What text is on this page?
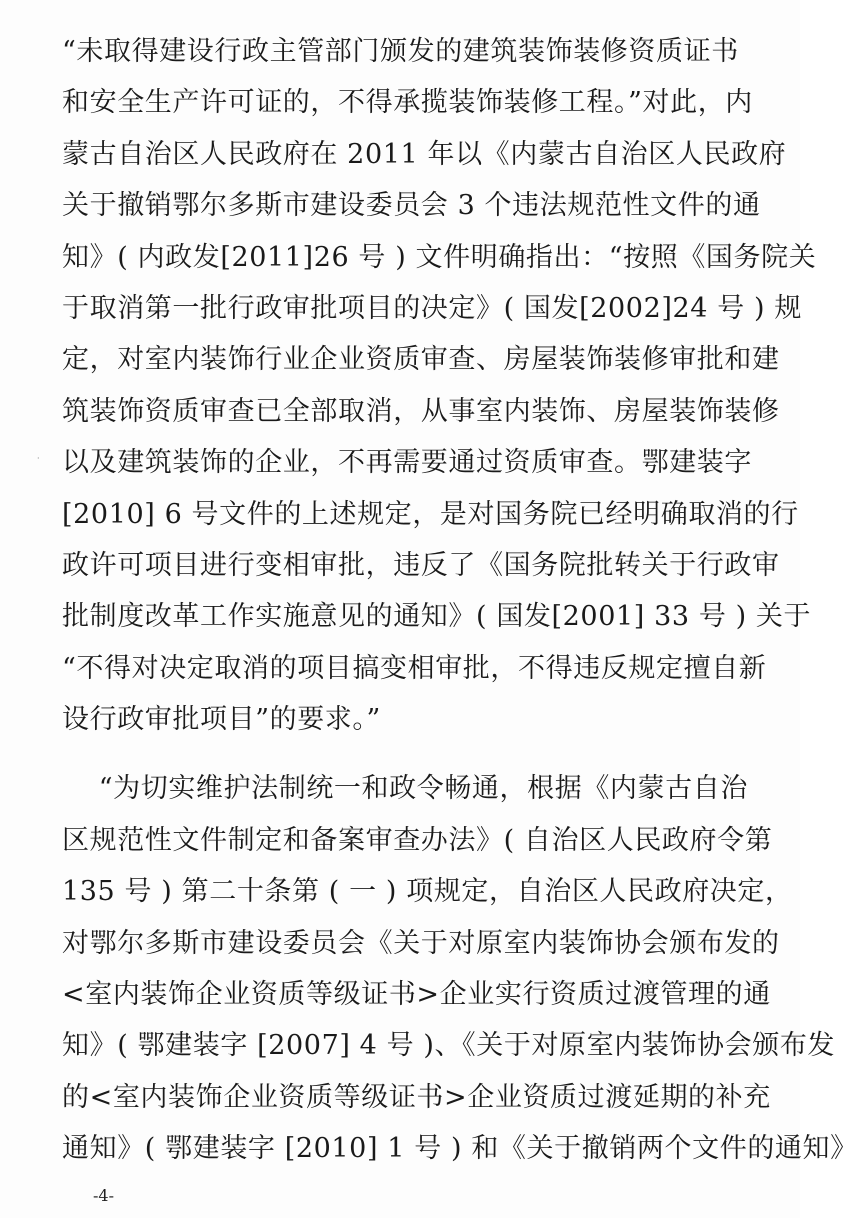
·
“未取得建设行政主管部门颁发的建筑装饰装修资质证书
和安全生产许可证的，不得承揽装饰装修工程。”对此，内
蒙古自治区人民政府在 2011 年以《内蒙古自治区人民政府
关于撤销鄂尔多斯市建设委员会 3 个违法规范性文件的通
知》( 内政发[2011]26 号 ) 文件明确指出：“按照《国务院关
于取消第一批行政审批项目的决定》( 国发[2002]24 号 ) 规
定，对室内装饰行业企业资质审查、房屋装饰装修审批和建
筑装饰资质审查已全部取消，从事室内装饰、房屋装饰装修
以及建筑装饰的企业，不再需要通过资质审查。鄂建装字
[2010] 6 号文件的上述规定，是对国务院已经明确取消的行
政许可项目进行变相审批，违反了《国务院批转关于行政审
批制度改革工作实施意见的通知》( 国发[2001] 33 号 ) 关于
“不得对决定取消的项目搞变相审批，不得违反规定擅自新
设行政审批项目”的要求。”
“为切实维护法制统一和政令畅通，根据《内蒙古自治
区规范性文件制定和备案审查办法》( 自治区人民政府令第
135 号 ) 第二十条第 ( 一 ) 项规定，自治区人民政府决定，
对鄂尔多斯市建设委员会《关于对原室内装饰协会颁布发的
<室内装饰企业资质等级证书>企业实行资质过渡管理的通
知》( 鄂建装字 [2007] 4 号 )、《关于对原室内装饰协会颁布发
的<室内装饰企业资质等级证书>企业资质过渡延期的补充
通知》( 鄂建装字 [2010] 1 号 ) 和《关于撤销两个文件的通知》
-4-
